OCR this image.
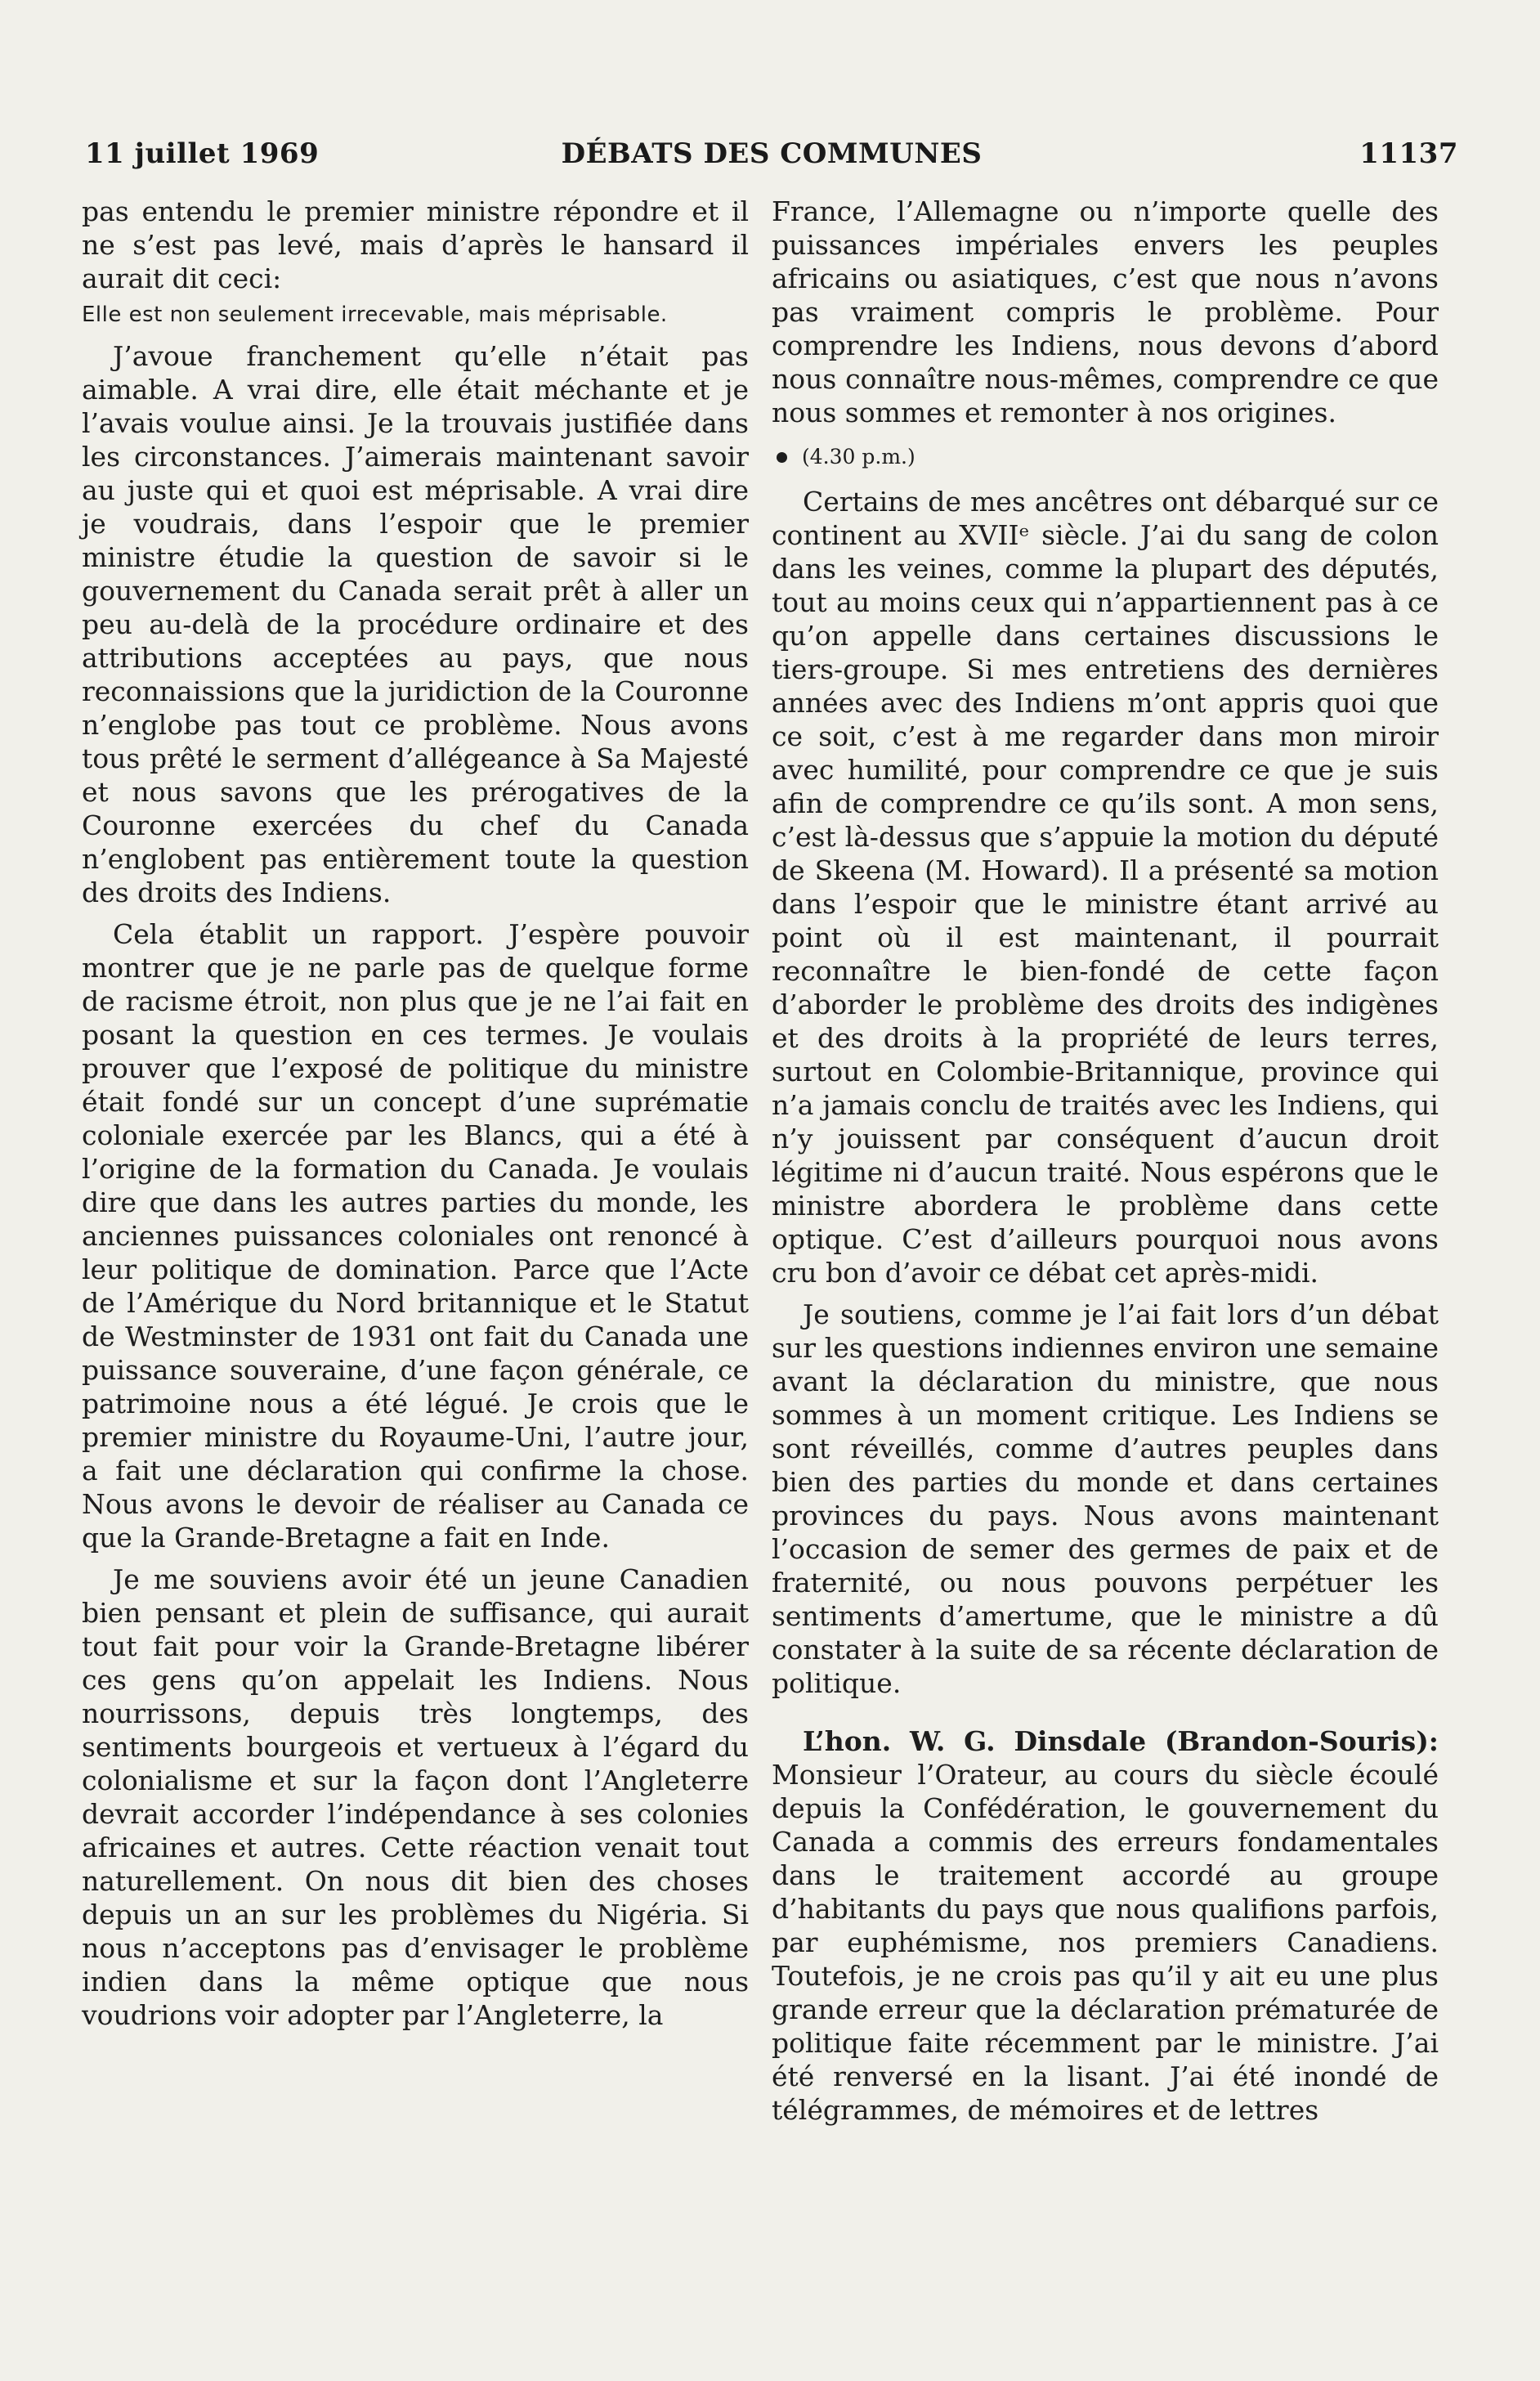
11 juillet 1969	DÉBATS DES COMMUNES	11137

pas entendu le premier ministre répondre et il ne s’est pas levé, mais d’après le hansard il aurait dit ceci:

Elle est non seulement irrecevable, mais méprisable.

J’avoue franchement qu’elle n’était pas aimable. A vrai dire, elle était méchante et je l’avais voulue ainsi. Je la trouvais justifiée dans les circonstances. J’aimerais maintenant savoir au juste qui et quoi est méprisable. A vrai dire je voudrais, dans l’espoir que le premier ministre étudie la question de savoir si le gouvernement du Canada serait prêt à aller un peu au-delà de la procédure ordinaire et des attributions acceptées au pays, que nous reconnaissions que la juridiction de la Couronne n’englobe pas tout ce problème. Nous avons tous prêté le serment d’allégeance à Sa Majesté et nous savons que les prérogatives de la Couronne exercées du chef du Canada n’englobent pas entièrement toute la question des droits des Indiens.

Cela établit un rapport. J’espère pouvoir montrer que je ne parle pas de quelque forme de racisme étroit, non plus que je ne l’ai fait en posant la question en ces termes. Je voulais prouver que l’exposé de politique du ministre était fondé sur un concept d’une suprématie coloniale exercée par les Blancs, qui a été à l’origine de la formation du Canada. Je voulais dire que dans les autres parties du monde, les anciennes puissances coloniales ont renoncé à leur politique de domination. Parce que l’Acte de l’Amérique du Nord britannique et le Statut de Westminster de 1931 ont fait du Canada une puissance souveraine, d’une façon générale, ce patrimoine nous a été légué. Je crois que le premier ministre du Royaume-Uni, l’autre jour, a fait une déclaration qui confirme la chose. Nous avons le devoir de réaliser au Canada ce que la Grande-Bretagne a fait en Inde.

Je me souviens avoir été un jeune Canadien bien pensant et plein de suffisance, qui aurait tout fait pour voir la Grande-Bretagne libérer ces gens qu’on appelait les Indiens. Nous nourrissons, depuis très longtemps, des sentiments bourgeois et vertueux à l’égard du colonialisme et sur la façon dont l’Angleterre devrait accorder l’indépendance à ses colonies africaines et autres. Cette réaction venait tout naturellement. On nous dit bien des choses depuis un an sur les problèmes du Nigéria. Si nous n’acceptons pas d’envisager le problème indien dans la même optique que nous voudrions voir adopter par l’Angleterre, la

France, l’Allemagne ou n’importe quelle des puissances impériales envers les peuples africains ou asiatiques, c’est que nous n’avons pas vraiment compris le problème. Pour comprendre les Indiens, nous devons d’abord nous connaître nous-mêmes, comprendre ce que nous sommes et remonter à nos origines.

(4.30 p.m.)

Certains de mes ancêtres ont débarqué sur ce continent au XVIIᵉ siècle. J’ai du sang de colon dans les veines, comme la plupart des députés, tout au moins ceux qui n’appartiennent pas à ce qu’on appelle dans certaines discussions le tiers-groupe. Si mes entretiens des dernières années avec des Indiens m’ont appris quoi que ce soit, c’est à me regarder dans mon miroir avec humilité, pour comprendre ce que je suis afin de comprendre ce qu’ils sont. A mon sens, c’est là-dessus que s’appuie la motion du député de Skeena (M. Howard). Il a présenté sa motion dans l’espoir que le ministre étant arrivé au point où il est maintenant, il pourrait reconnaître le bien-fondé de cette façon d’aborder le problème des droits des indigènes et des droits à la propriété de leurs terres, surtout en Colombie-Britannique, province qui n’a jamais conclu de traités avec les Indiens, qui n’y jouissent par conséquent d’aucun droit légitime ni d’aucun traité. Nous espérons que le ministre abordera le problème dans cette optique. C’est d’ailleurs pourquoi nous avons cru bon d’avoir ce débat cet après-midi.

Je soutiens, comme je l’ai fait lors d’un débat sur les questions indiennes environ une semaine avant la déclaration du ministre, que nous sommes à un moment critique. Les Indiens se sont réveillés, comme d’autres peuples dans bien des parties du monde et dans certaines provinces du pays. Nous avons maintenant l’occasion de semer des germes de paix et de fraternité, ou nous pouvons perpétuer les sentiments d’amertume, que le ministre a dû constater à la suite de sa récente déclaration de politique.

L’hon. W. G. Dinsdale (Brandon-Souris): Monsieur l’Orateur, au cours du siècle écoulé depuis la Confédération, le gouvernement du Canada a commis des erreurs fondamentales dans le traitement accordé au groupe d’habitants du pays que nous qualifions parfois, par euphémisme, nos premiers Canadiens. Toutefois, je ne crois pas qu’il y ait eu une plus grande erreur que la déclaration prématurée de politique faite récemment par le ministre. J’ai été renversé en la lisant. J’ai été inondé de télégrammes, de mémoires et de lettres
